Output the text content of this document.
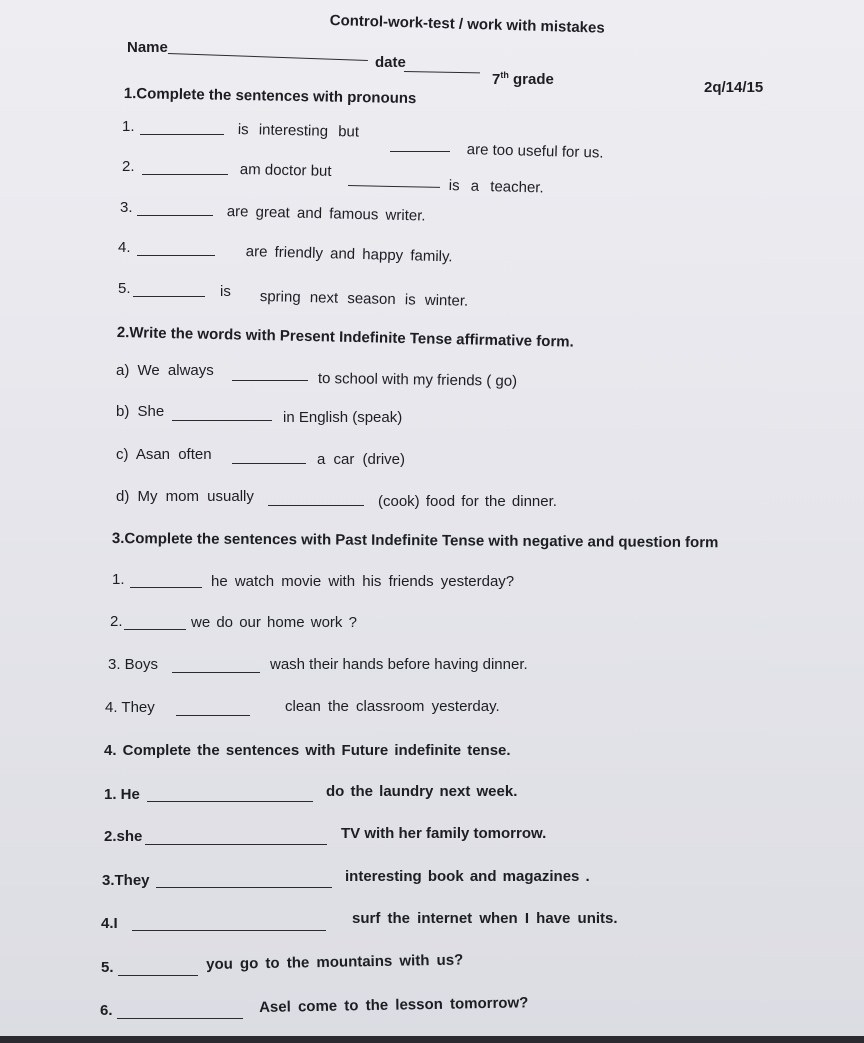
Control-work-test / work with mistakes
Name
date
7th grade	2q/14/15
1.Complete the sentences with pronouns
1.	is interesting but
are too useful for us.
2.	am doctor but
is a teacher.
3.	are great and famous writer.
4.	are friendly and happy family.
5.	is spring next season is winter.
2.Write the words with Present Indefinite Tense affirmative form.
a) We always	to school with my friends ( go)
b) She	in English (speak)
c) Asan often	a car (drive)
d) My mom usually	(cook) food for the dinner.
3.Complete the sentences with Past Indefinite Tense with negative and question form
1.	he watch movie with his friends yesterday?
2.	we do our home work ?
3. Boys	wash their hands before having dinner.
4. They	clean the classroom yesterday.
4. Complete the sentences with Future indefinite tense.
1. He	do the laundry next week.
2.she	TV with her family tomorrow.
3.They	interesting book and magazines .
4.I	surf the internet when I have units.
5.	you go to the mountains with us?
6.	Asel come to the lesson tomorrow?
